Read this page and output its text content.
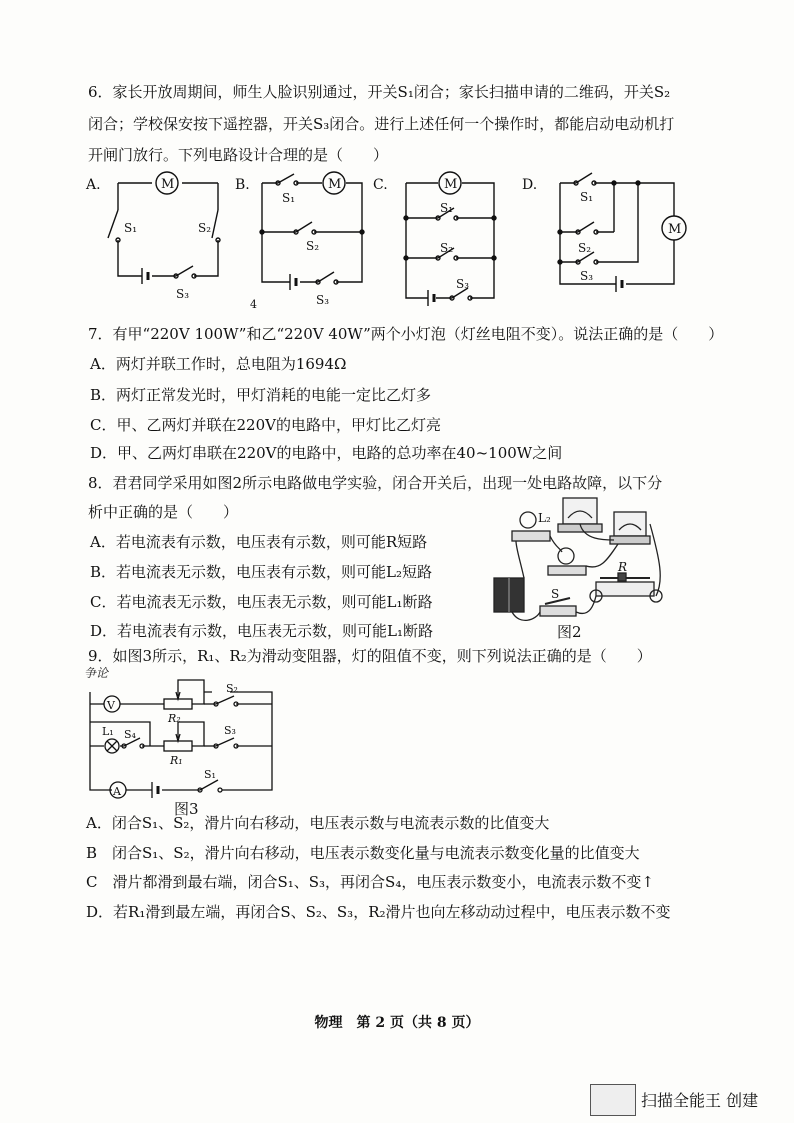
6．家长开放周期间，师生人脸识别通过，开关S₁闭合；家长扫描申请的二维码，开关S₂
闭合；学校保安按下遥控器，开关S₃闭合。进行上述任何一个操作时，都能启动电动机打
开闸门放行。下列电路设计合理的是（　　）
A.	M
S₁	S₂
S₃
B.	M
S₁
S₂
S₃
4
C.	M
S₁
S₂
S₃
D.
M
S₁
S₂
S₃
7．有甲“220V 100W”和乙“220V 40W”两个小灯泡（灯丝电阻不变）。说法正确的是（　　）
A．两灯并联工作时，总电阻为1694Ω
B．两灯正常发光时，甲灯消耗的电能一定比乙灯多
C．甲、乙两灯并联在220V的电路中，甲灯比乙灯亮
D．甲、乙两灯串联在220V的电路中，电路的总功率在40~100W之间
8．君君同学采用如图2所示电路做电学实验，闭合开关后，出现一处电路故障，以下分
析中正确的是（　　）
A．若电流表有示数，电压表有示数，则可能R短路
B．若电流表无示数，电压表有示数，则可能L₂短路
C．若电流表无示数，电压表无示数，则可能L₁断路
D．若电流表有示数，电压表无示数，则可能L₁断路
L₂
S
R
图2
9．如图3所示，R₁、R₂为滑动变阻器，灯的阻值不变，则下列说法正确的是（　　）
争论
V
R₂
S₂
L₁ S₄
R₁
S₃
A
S₁
图3
A．闭合S₁、S₂，滑片向右移动，电压表示数与电流表示数的比值变大
B　闭合S₁、S₂，滑片向右移动，电压表示数变化量与电流表示数变化量的比值变大
C　滑片都滑到最右端，闭合S₁、S₃，再闭合S₄，电压表示数变小，电流表示数不变↑
D．若R₁滑到最左端，再闭合S、S₂、S₃，R₂滑片也向左移动动过程中，电压表示数不变
物理　第 2 页（共 8 页）
扫描全能王 创建
